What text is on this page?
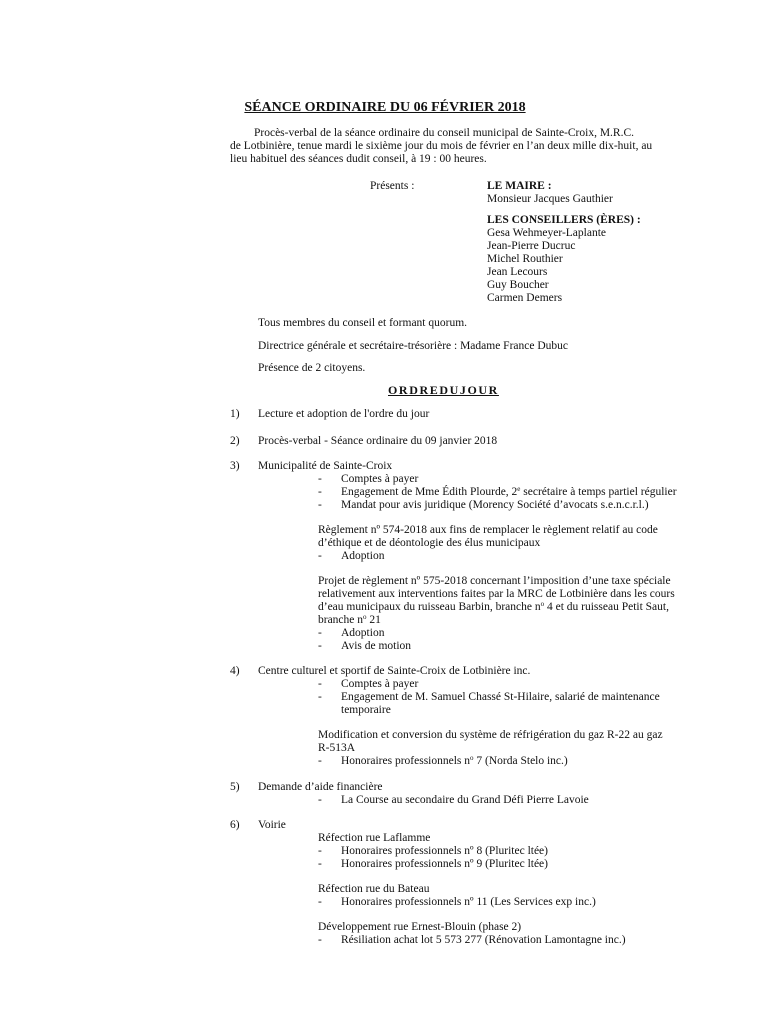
SÉANCE ORDINAIRE DU 06 FÉVRIER 2018

Procès-verbal de la séance ordinaire du conseil municipal de Sainte-Croix, M.R.C.

de Lotbinière, tenue mardi le sixième jour du mois de février en l’an deux mille dix-huit, au

lieu habituel des séances dudit conseil, à 19 : 00 heures.

Présents :	LE MAIRE :
Monsieur Jacques Gauthier
LES CONSEILLERS (ÈRES) :
Gesa Wehmeyer-Laplante
Jean-Pierre Ducruc
Michel Routhier
Jean Lecours
Guy Boucher
Carmen Demers
Tous membres du conseil et formant quorum.
Directrice générale et secrétaire-trésorière : Madame France Dubuc
Présence de 2 citoyens.
ORDREDUJOUR
1) Lecture et adoption de l'ordre du jour
2) Procès-verbal - Séance ordinaire du 09 janvier 2018
3) Municipalité de Sainte-Croix
- Comptes à payer
- Engagement de Mme Édith Plourde, 2e secrétaire à temps partiel régulier
- Mandat pour avis juridique (Morency Société d’avocats s.e.n.c.r.l.)
Règlement nº 574-2018 aux fins de remplacer le règlement relatif au code
d’éthique et de déontologie des élus municipaux
- Adoption
Projet de règlement nº 575-2018 concernant l’imposition d’une taxe spéciale
relativement aux interventions faites par la MRC de Lotbinière dans les cours
d’eau municipaux du ruisseau Barbin, branche $n^o$ 4 et du ruisseau Petit Saut,
branche $n^o$ 21
- Adoption
- Avis de motion
4) Centre culturel et sportif de Sainte-Croix de Lotbinière inc.
- Comptes à payer
- Engagement de M. Samuel Chassé St-Hilaire, salarié de maintenance
temporaire
Modification et conversion du système de réfrigération du gaz R-22 au gaz
R-513A
- Honoraires professionnels $n^o$ 7 (Norda Stelo inc.)
5) Demande d’aide financière
- La Course au secondaire du Grand Défi Pierre Lavoie
6) Voirie
Réfection rue Laflamme
- Honoraires professionnels nº 8 (Pluritec ltée)
- Honoraires professionnels nº 9 (Pluritec ltée)
Réfection rue du Bateau
- Honoraires professionnels nº 11 (Les Services exp inc.)
Développement rue Ernest-Blouin (phase 2)
- Résiliation achat lot 5 573 277 (Rénovation Lamontagne inc.)
